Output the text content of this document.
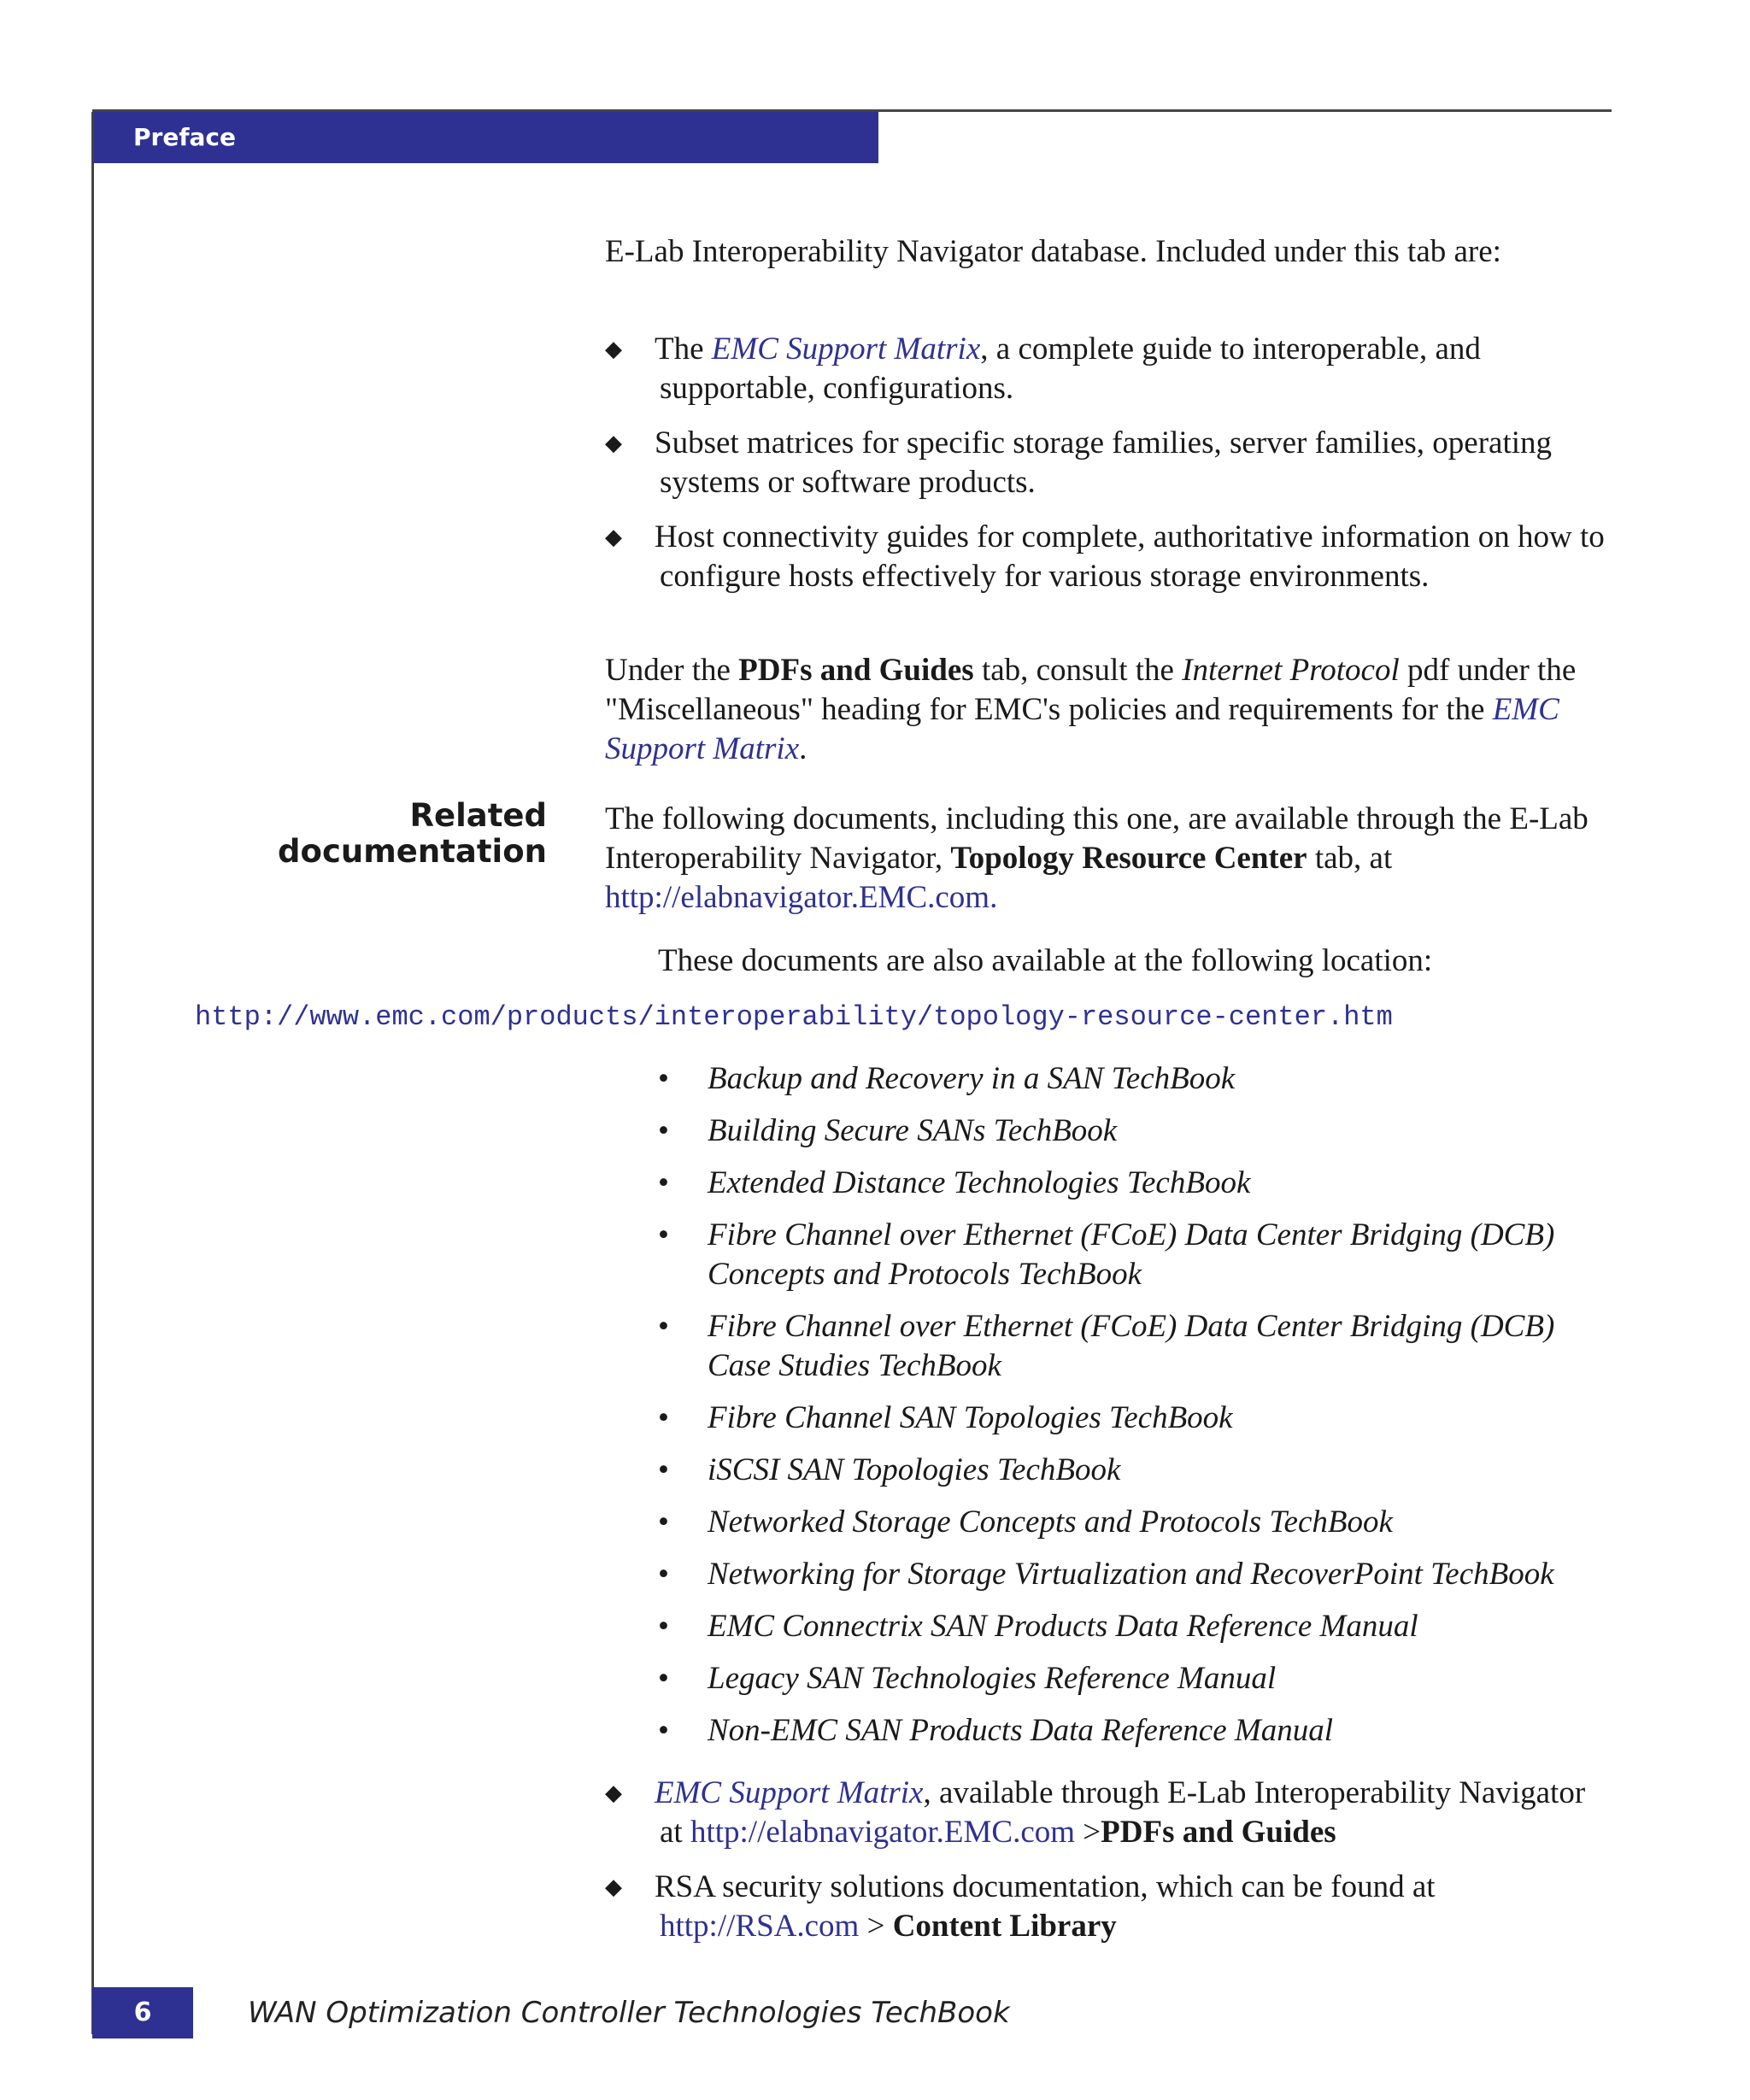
Preface

E-Lab Interoperability Navigator database. Included under this tab are:

◆	The EMC Support Matrix, a complete guide to interoperable, and supportable, configurations.
◆	Subset matrices for specific storage families, server families, operating systems or software products.
◆	Host connectivity guides for complete, authoritative information on how to configure hosts effectively for various storage environments.

Under the PDFs and Guides tab, consult the Internet Protocol pdf under the "Miscellaneous" heading for EMC's policies and requirements for the EMC Support Matrix.

Related
documentation

The following documents, including this one, are available through the E-Lab Interoperability Navigator, Topology Resource Center tab, at http://elabnavigator.EMC.com.

These documents are also available at the following location:
http://www.emc.com/products/interoperability/topology-resource-center.htm
• Backup and Recovery in a SAN TechBook
• Building Secure SANs TechBook
• Extended Distance Technologies TechBook
• Fibre Channel over Ethernet (FCoE) Data Center Bridging (DCB) Concepts and Protocols TechBook
• Fibre Channel over Ethernet (FCoE) Data Center Bridging (DCB) Case Studies TechBook
• Fibre Channel SAN Topologies TechBook
• iSCSI SAN Topologies TechBook
• Networked Storage Concepts and Protocols TechBook
• Networking for Storage Virtualization and RecoverPoint TechBook
• EMC Connectrix SAN Products Data Reference Manual
• Legacy SAN Technologies Reference Manual
• Non-EMC SAN Products Data Reference Manual
◆	EMC Support Matrix, available through E-Lab Interoperability Navigator at http://elabnavigator.EMC.com >PDFs and Guides
◆	RSA security solutions documentation, which can be found at http://RSA.com > Content Library
6	WAN Optimization Controller Technologies TechBook
